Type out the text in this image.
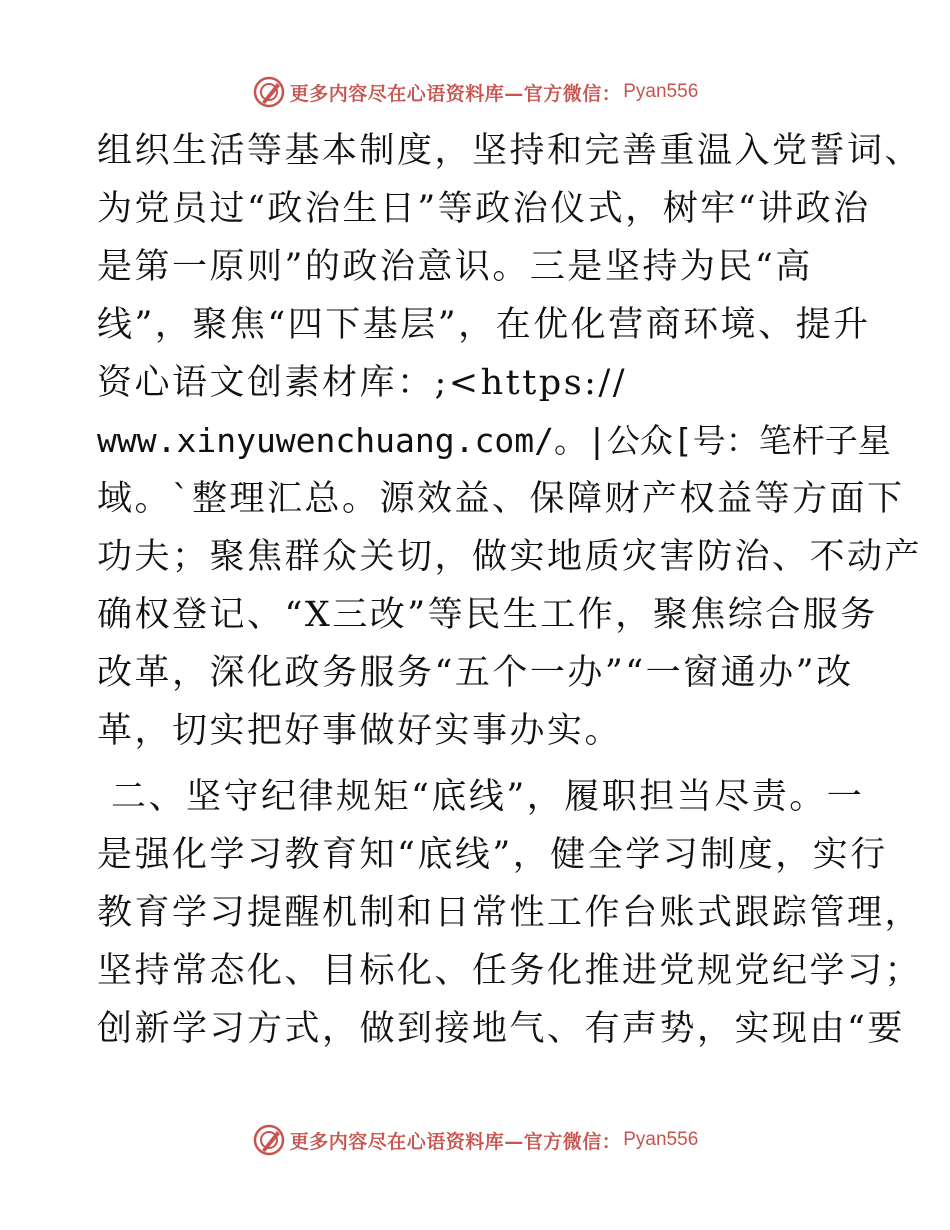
更多内容尽在心语资料库—官方微信： Pyan556
组织生活等基本制度，坚持和完善重温入党誓词、
为党员过“政治生日”等政治仪式，树牢“讲政治
是第一原则”的政治意识。三是坚持为民“高
线”，聚焦“四下基层”，在优化营商环境、提升
资心语文创素材库：;<https://
www.xinyuwenchuang.com/。|公众[号：笔杆子星
域。`整理汇总。源效益、保障财产权益等方面下
功夫；聚焦群众关切，做实地质灾害防治、不动产
确权登记、“X三改”等民生工作，聚焦综合服务
改革，深化政务服务“五个一办”“一窗通办”改
革，切实把好事做好实事办实。
二、坚守纪律规矩“底线”，履职担当尽责。一
是强化学习教育知“底线”，健全学习制度，实行
教育学习提醒机制和日常性工作台账式跟踪管理，
坚持常态化、目标化、任务化推进党规党纪学习；
创新学习方式，做到接地气、有声势，实现由“要
更多内容尽在心语资料库—官方微信： Pyan556
